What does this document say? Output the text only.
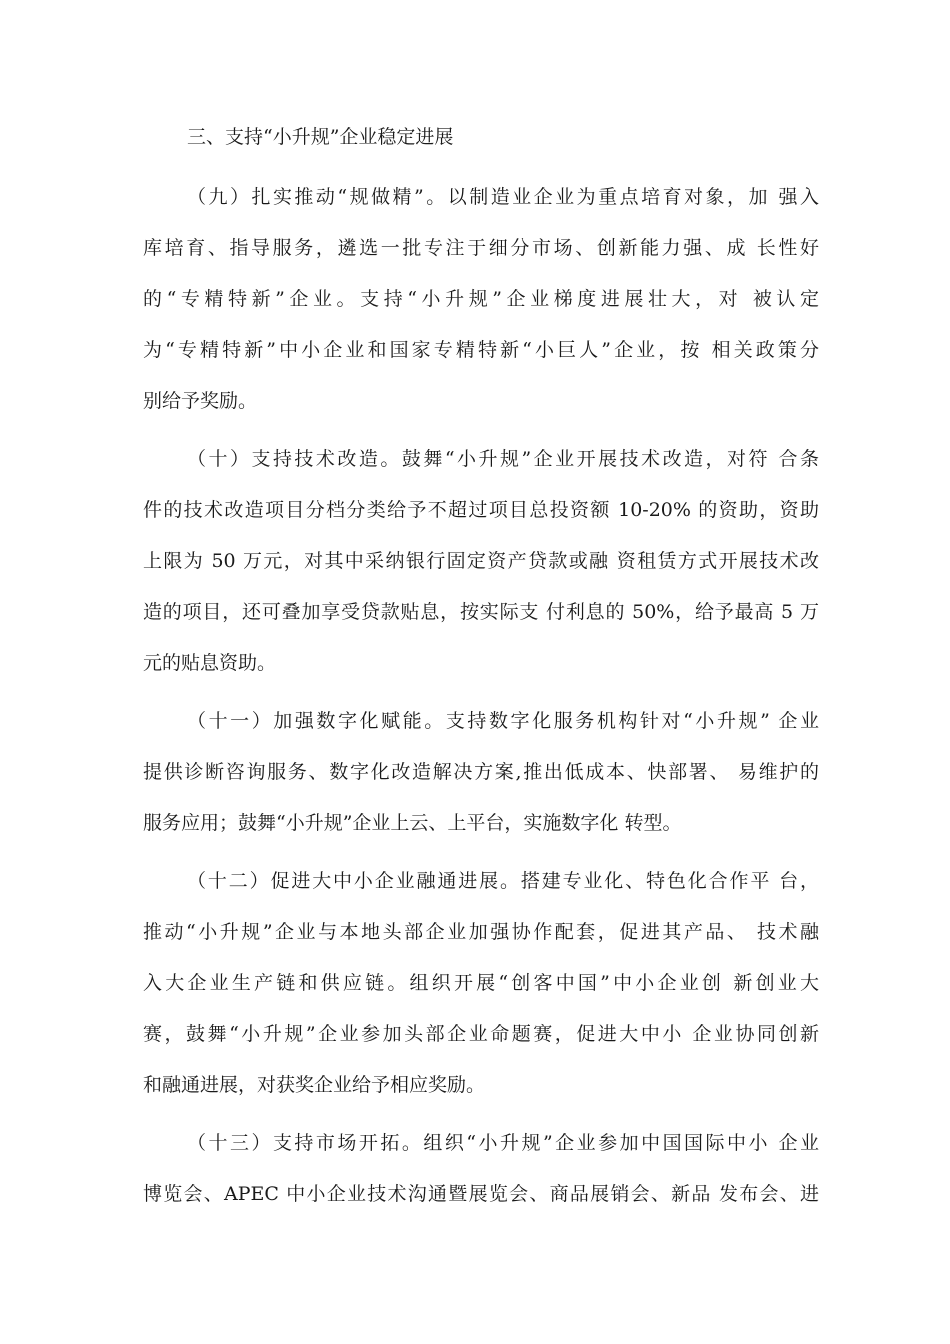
三、支持“小升规”企业稳定进展
（九）扎实推动“规做精”。以制造业企业为重点培育对象，加 强入
库培育、指导服务，遴选一批专注于细分市场、创新能力强、成 长性好
的“专精特新”企业。支持“小升规”企业梯度进展壮大，对 被认定
为“专精特新”中小企业和国家专精特新“小巨人”企业，按 相关政策分
别给予奖励。
（十）支持技术改造。鼓舞“小升规”企业开展技术改造，对符 合条
件的技术改造项目分档分类给予不超过项目总投资额 10-20% 的资助，资助
上限为 50 万元，对其中采纳银行固定资产贷款或融 资租赁方式开展技术改
造的项目，还可叠加享受贷款贴息，按实际支 付利息的 50%，给予最高 5 万
元的贴息资助。
（十一）加强数字化赋能。支持数字化服务机构针对“小升规” 企业
提供诊断咨询服务、数字化改造解决方案,推出低成本、快部署、 易维护的
服务应用；鼓舞“小升规”企业上云、上平台，实施数字化 转型。
（十二）促进大中小企业融通进展。搭建专业化、特色化合作平 台，
推动“小升规”企业与本地头部企业加强协作配套，促进其产品、 技术融
入大企业生产链和供应链。组织开展“创客中国”中小企业创 新创业大
赛，鼓舞“小升规”企业参加头部企业命题赛，促进大中小 企业协同创新
和融通进展，对获奖企业给予相应奖励。
（十三）支持市场开拓。组织“小升规”企业参加中国国际中小 企业
博览会、APEC 中小企业技术沟通暨展览会、商品展销会、新品 发布会、进
